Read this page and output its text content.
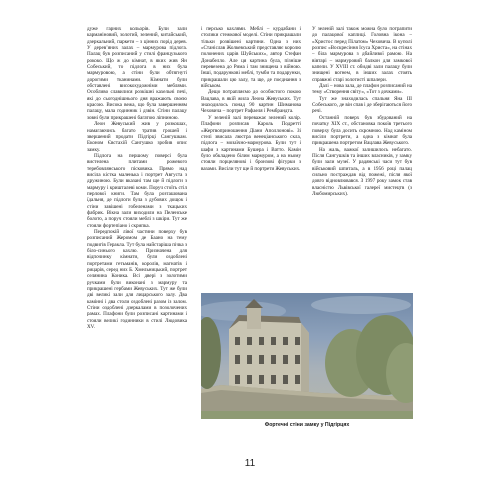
дуже гарних кольорів. Були зали карманіновий, золотий, зелений, китайський, дзеркальний, паркети – з цінних порід дерев. У дерев’яних залах – мармурова підлога. Палац був розписаний у стилі французького рококо. Що ж до кімнат, в яких жив Ян Собеський, то підлога в них була мармуровою, а стіни були обтягнуті дорогими тканинами. Кімнати були обставлені високохудожніми меблями. Особливо славилися розкішні кахельні печі, які до сьогоднішнього дня вражають своєю красою. Висока вежа, що була завершенням палацу, мала годинник і дзвін. Стіни палацу зовні були прикрашені багатою ліпниною.

Леон Жевуський жив у розкошах, намагаючись багато тратив грошей і звершений продати Підгірці Сангушкам. Економ Євстахій Сангушко зробив опис замку.

Підлога на першому поверсі була вистелена плитами рожевого теребовлянського пісковика. Прямо над висіла кістка маленька і портрет Августа з дружиною. Були вказані там ще й підлоги з мармуру і кришталеві коми. Поруч стоїть стіл перлової книги. Там була розташована їдальня, де підлоги була з дубових дощок і стіни завішені гобеленами з ткацьких фабрик. Вікна зали виходили на Пеленське болото, а поруч стояли меблі з шкіри. Тут же стояли фортепіано і скрипка.

Передпокій лівої частини поверху був розписаний Жеромом де Баано на тему подвигів Геракла. Тут була найстаріша пічка з біло-синього кахлю. Призначена для відпочинку кімнати, були оздоблені портретами гетьманів, королів, магнатів і рицарів, серед них Б. Хмельницький, портрет селянина Коника. Всі двері з золотими ручками були виконані з мармуру та прикрашені гербами Жевуських. Тут же були дві великі зали для лицарського залу. Два камінні і два столи оздоблені разом із залом. Стіни оздоблені дзеркалами в позолочених рамах. Плафони були розписані картинами і стояли великі годинники в стилі Людовика XV.

і персько кахлями. Меблі – курдабани і столики стежкової моделі. Стіни прикрашали тільки розвішені картини. Одна з них «Станіслав Жолкевський представляє королю полонених царів Шуйських», автор Стефан Донабелло. Але ця картина була, пізніше перевезена до Рима і там знищена з війною. Інші, подарункові меблі, тумби та подарунки, прикрашали цю залу, та ще, де поєднання з військом.

Дещо потрапляємо до особистого покою Вацлава, в якій жила Леона Жевуських. Тут знаходилось понад 90 картин Шиманова Чеховича – портрет Рафаеля і Рембрандта.

У зеленій залі переважає зелений колір. Плафони розписав Кароль Подретті «Жертвоприношення Діани Аполлонові». Зі стелі звисала люстра венеціанського скла, підлога – мозаїчно-мармурова. Були тут і шафи з картинами Бушера і Ватто. Камін було обкладено білим мармуром, а на ньому стояли порцелянові і бронзові фігурки з вазами. Висіли тут ще й портрети Жевуських.

У зеленій залі також можна було потрапити до палацової каплиці. Головна ікона – «Христос перед Пілатом» Чеховича. В куполі розпис «Воскресіння Ісуса Христа», на стінах – біла мармурова з дбайливої рамою. На вівтарі – мармуровий балкон для замкової капели. У XVIII ст. обидві зали палацу були знищені вогнем, в інших залах стоять справжні старі золотисті шпалери.

Далі – нова зала, де плафон розписаний на тему «Створення світу», «Тот з дочками».

Тут же знаходилась спальня Яна III Собеського, де він спав і де зберігаються його речі.

Останній поверх був збудований на початку XIX ст., обстановка покоїв третього поверху була досить скромною. Над каміном висіли портрети, а одна з кімнат була прикрашена портретом Вацлава Жевуського.

На жаль, важкої залишилось небагато. Після Сангушків та інших власників, у замку були зали музеї. У радянські часи тут був військовий шпиталь, а в 1956 році палац сильно постраждав від пожежі, після якої довго відновлювався. З 1997 року замок став власністю Львівської галереї мистецтв (з Любомирських).

Фортечні стіни замку у Підгірцях
11
